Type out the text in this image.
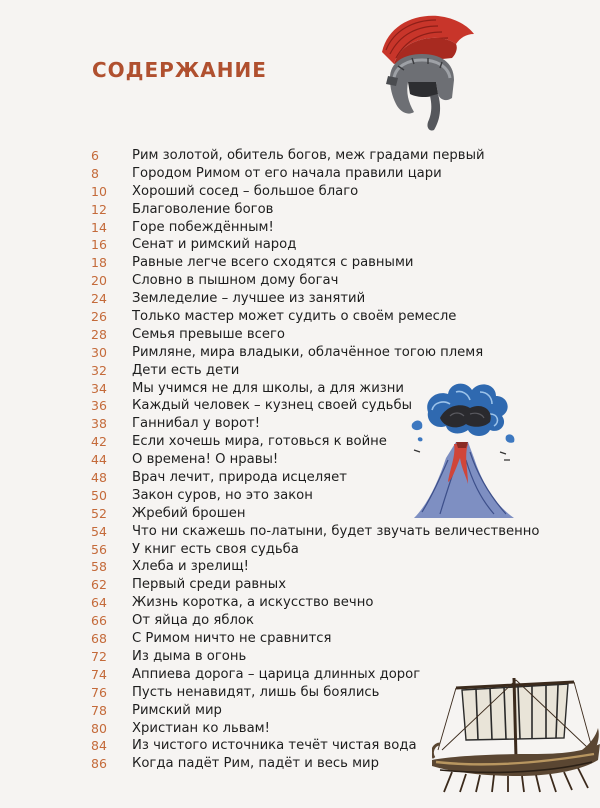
СОДЕРЖАНИЕ
6	Рим золотой, обитель богов, меж градами первый
8	Городом Римом от его начала правили цари
10	Хороший сосед – большое благо
12	Благоволение богов
14	Горе побеждённым!
16	Сенат и римский народ
18	Равные легче всего сходятся с равными
20	Словно в пышном дому богач
24	Земледелие – лучшее из занятий
26	Только мастер может судить о своём ремесле
28	Семья превыше всего
30	Римляне, мира владыки, облачённое тогою племя
32	Дети есть дети
34	Мы учимся не для школы, а для жизни
36	Каждый человек – кузнец своей судьбы
38	Ганнибал у ворот!
42	Если хочешь мира, готовься к войне
44	О времена! О нравы!
48	Врач лечит, природа исцеляет
50	Закон суров, но это закон
52	Жребий брошен
54	Что ни скажешь по-латыни, будет звучать величественно
56	У книг есть своя судьба
58	Хлеба и зрелищ!
62	Первый среди равных
64	Жизнь коротка, а искусство вечно
66	От яйца до яблок
68	С Римом ничто не сравнится
72	Из дыма в огонь
74	Аппиева дорога – царица длинных дорог
76	Пусть ненавидят, лишь бы боялись
78	Римский мир
80	Христиан ко львам!
84	Из чистого источника течёт чистая вода
86	Когда падёт Рим, падёт и весь мир
